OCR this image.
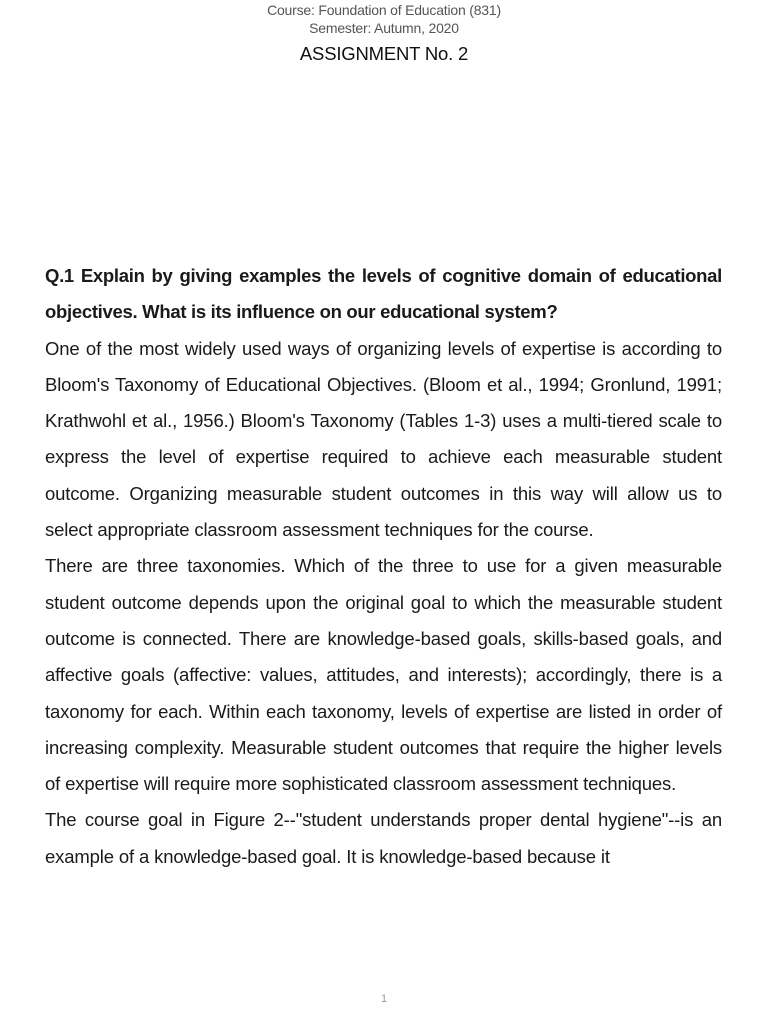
Course: Foundation of Education (831)
Semester: Autumn, 2020
ASSIGNMENT No. 2

Q.1 Explain by giving examples the levels of cognitive domain of educational objectives. What is its influence on our educational system?

One of the most widely used ways of organizing levels of expertise is according to Bloom's Taxonomy of Educational Objectives. (Bloom et al., 1994; Gronlund, 1991; Krathwohl et al., 1956.) Bloom's Taxonomy (Tables 1-3) uses a multi-tiered scale to express the level of expertise required to achieve each measurable student outcome. Organizing measurable student outcomes in this way will allow us to select appropriate classroom assessment techniques for the course.

There are three taxonomies. Which of the three to use for a given measurable student outcome depends upon the original goal to which the measurable student outcome is connected. There are knowledge-based goals, skills-based goals, and affective goals (affective: values, attitudes, and interests); accordingly, there is a taxonomy for each. Within each taxonomy, levels of expertise are listed in order of increasing complexity. Measurable student outcomes that require the higher levels of expertise will require more sophisticated classroom assessment techniques.

The course goal in Figure 2--"student understands proper dental hygiene"--is an example of a knowledge-based goal. It is knowledge-based because it

1
